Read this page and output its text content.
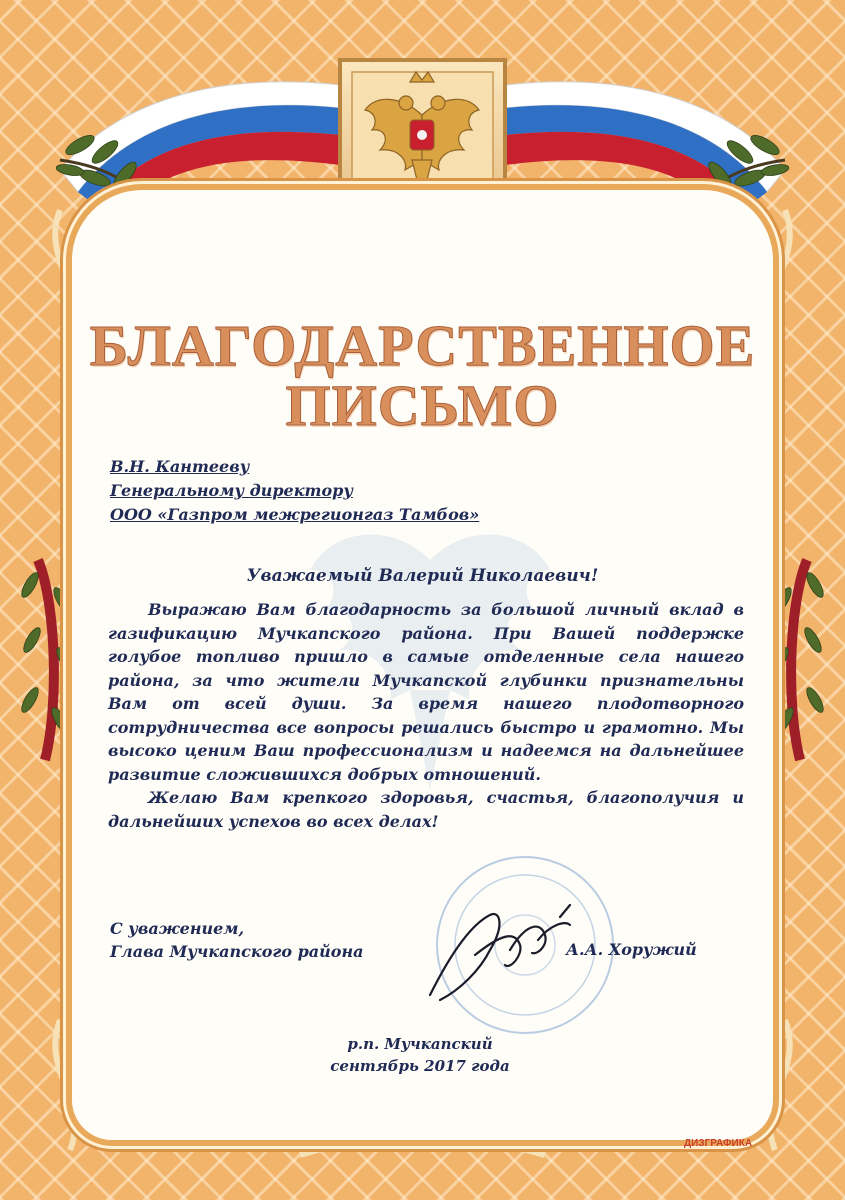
БЛАГОДАРСТВЕННОЕ
ПИСЬМО
В.Н. Кантееву
Генеральному директору
ООО «Газпром межрегионгаз Тамбов»
Уважаемый Валерий Николаевич!

Выражаю Вам благодарность за большой личный вклад в газификацию Мучкапского района. При Вашей поддержке голубое топливо пришло в самые отделенные села нашего района, за что жители Мучкапской глубинки признательны Вам от всей души. За время нашего плодотворного сотрудничества все вопросы решались быстро и грамотно. Мы высоко ценим Ваш профессионализм и надеемся на дальнейшее развитие сложившихся добрых отношений.

Желаю Вам крепкого здоровья, счастья, благополучия и дальнейших успехов во всех делах!

С уважением,
Глава Мучкапского района	А.А. Хоружий
р.п. Мучкапский
сентябрь 2017 года
ДИЗГРАФИКА
